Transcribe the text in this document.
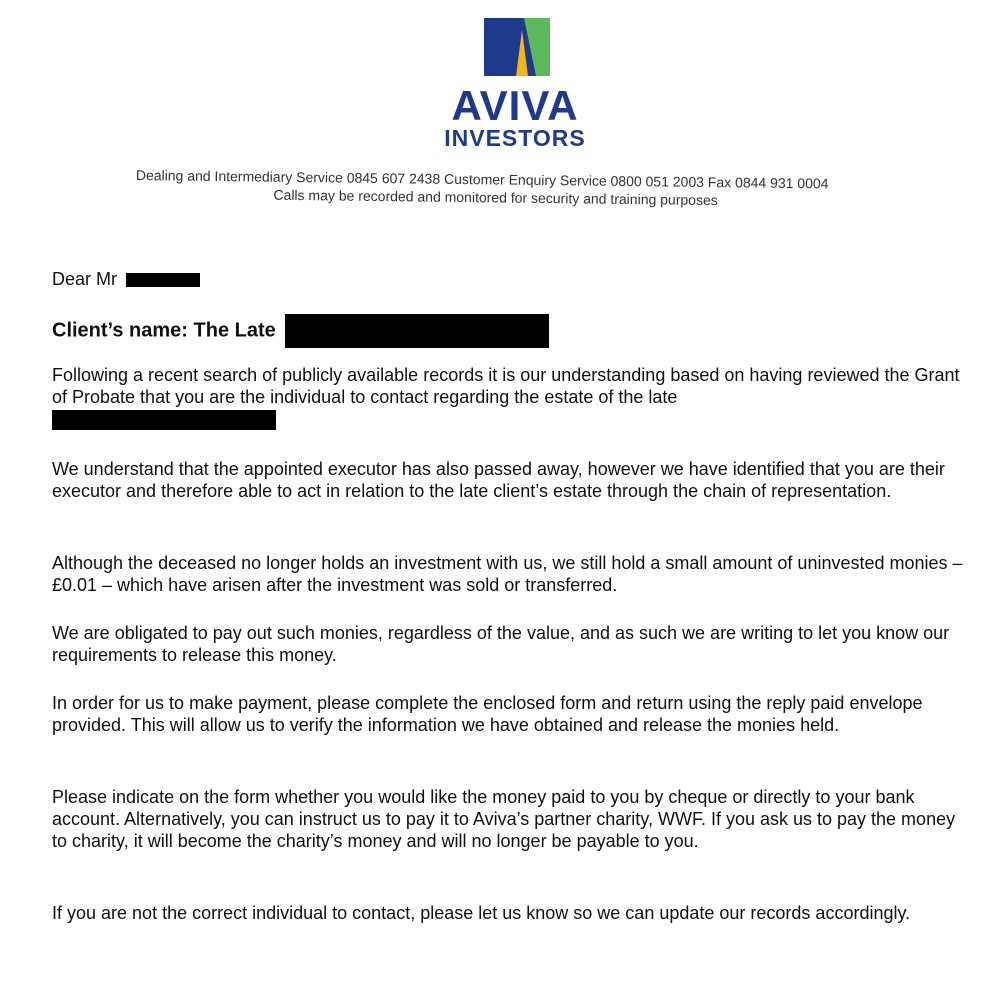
AVIVA
INVESTORS
Dealing and Intermediary Service 0845 607 2438 Customer Enquiry Service 0800 051 2003 Fax 0844 931 0004
Calls may be recorded and monitored for security and training purposes
Dear Mr
Client’s name: The Late

Following a recent search of publicly available records it is our understanding based on having reviewed the Grant of Probate that you are the individual to contact regarding the estate of the late

We understand that the appointed executor has also passed away, however we have identified that you are their executor and therefore able to act in relation to the late client’s estate through the chain of representation.

Although the deceased no longer holds an investment with us, we still hold a small amount of uninvested monies – £0.01 – which have arisen after the investment was sold or transferred.

We are obligated to pay out such monies, regardless of the value, and as such we are writing to let you know our requirements to release this money.

In order for us to make payment, please complete the enclosed form and return using the reply paid envelope provided. This will allow us to verify the information we have obtained and release the monies held.

Please indicate on the form whether you would like the money paid to you by cheque or directly to your bank account. Alternatively, you can instruct us to pay it to Aviva’s partner charity, WWF. If you ask us to pay the money to charity, it will become the charity’s money and will no longer be payable to you.

If you are not the correct individual to contact, please let us know so we can update our records accordingly.
